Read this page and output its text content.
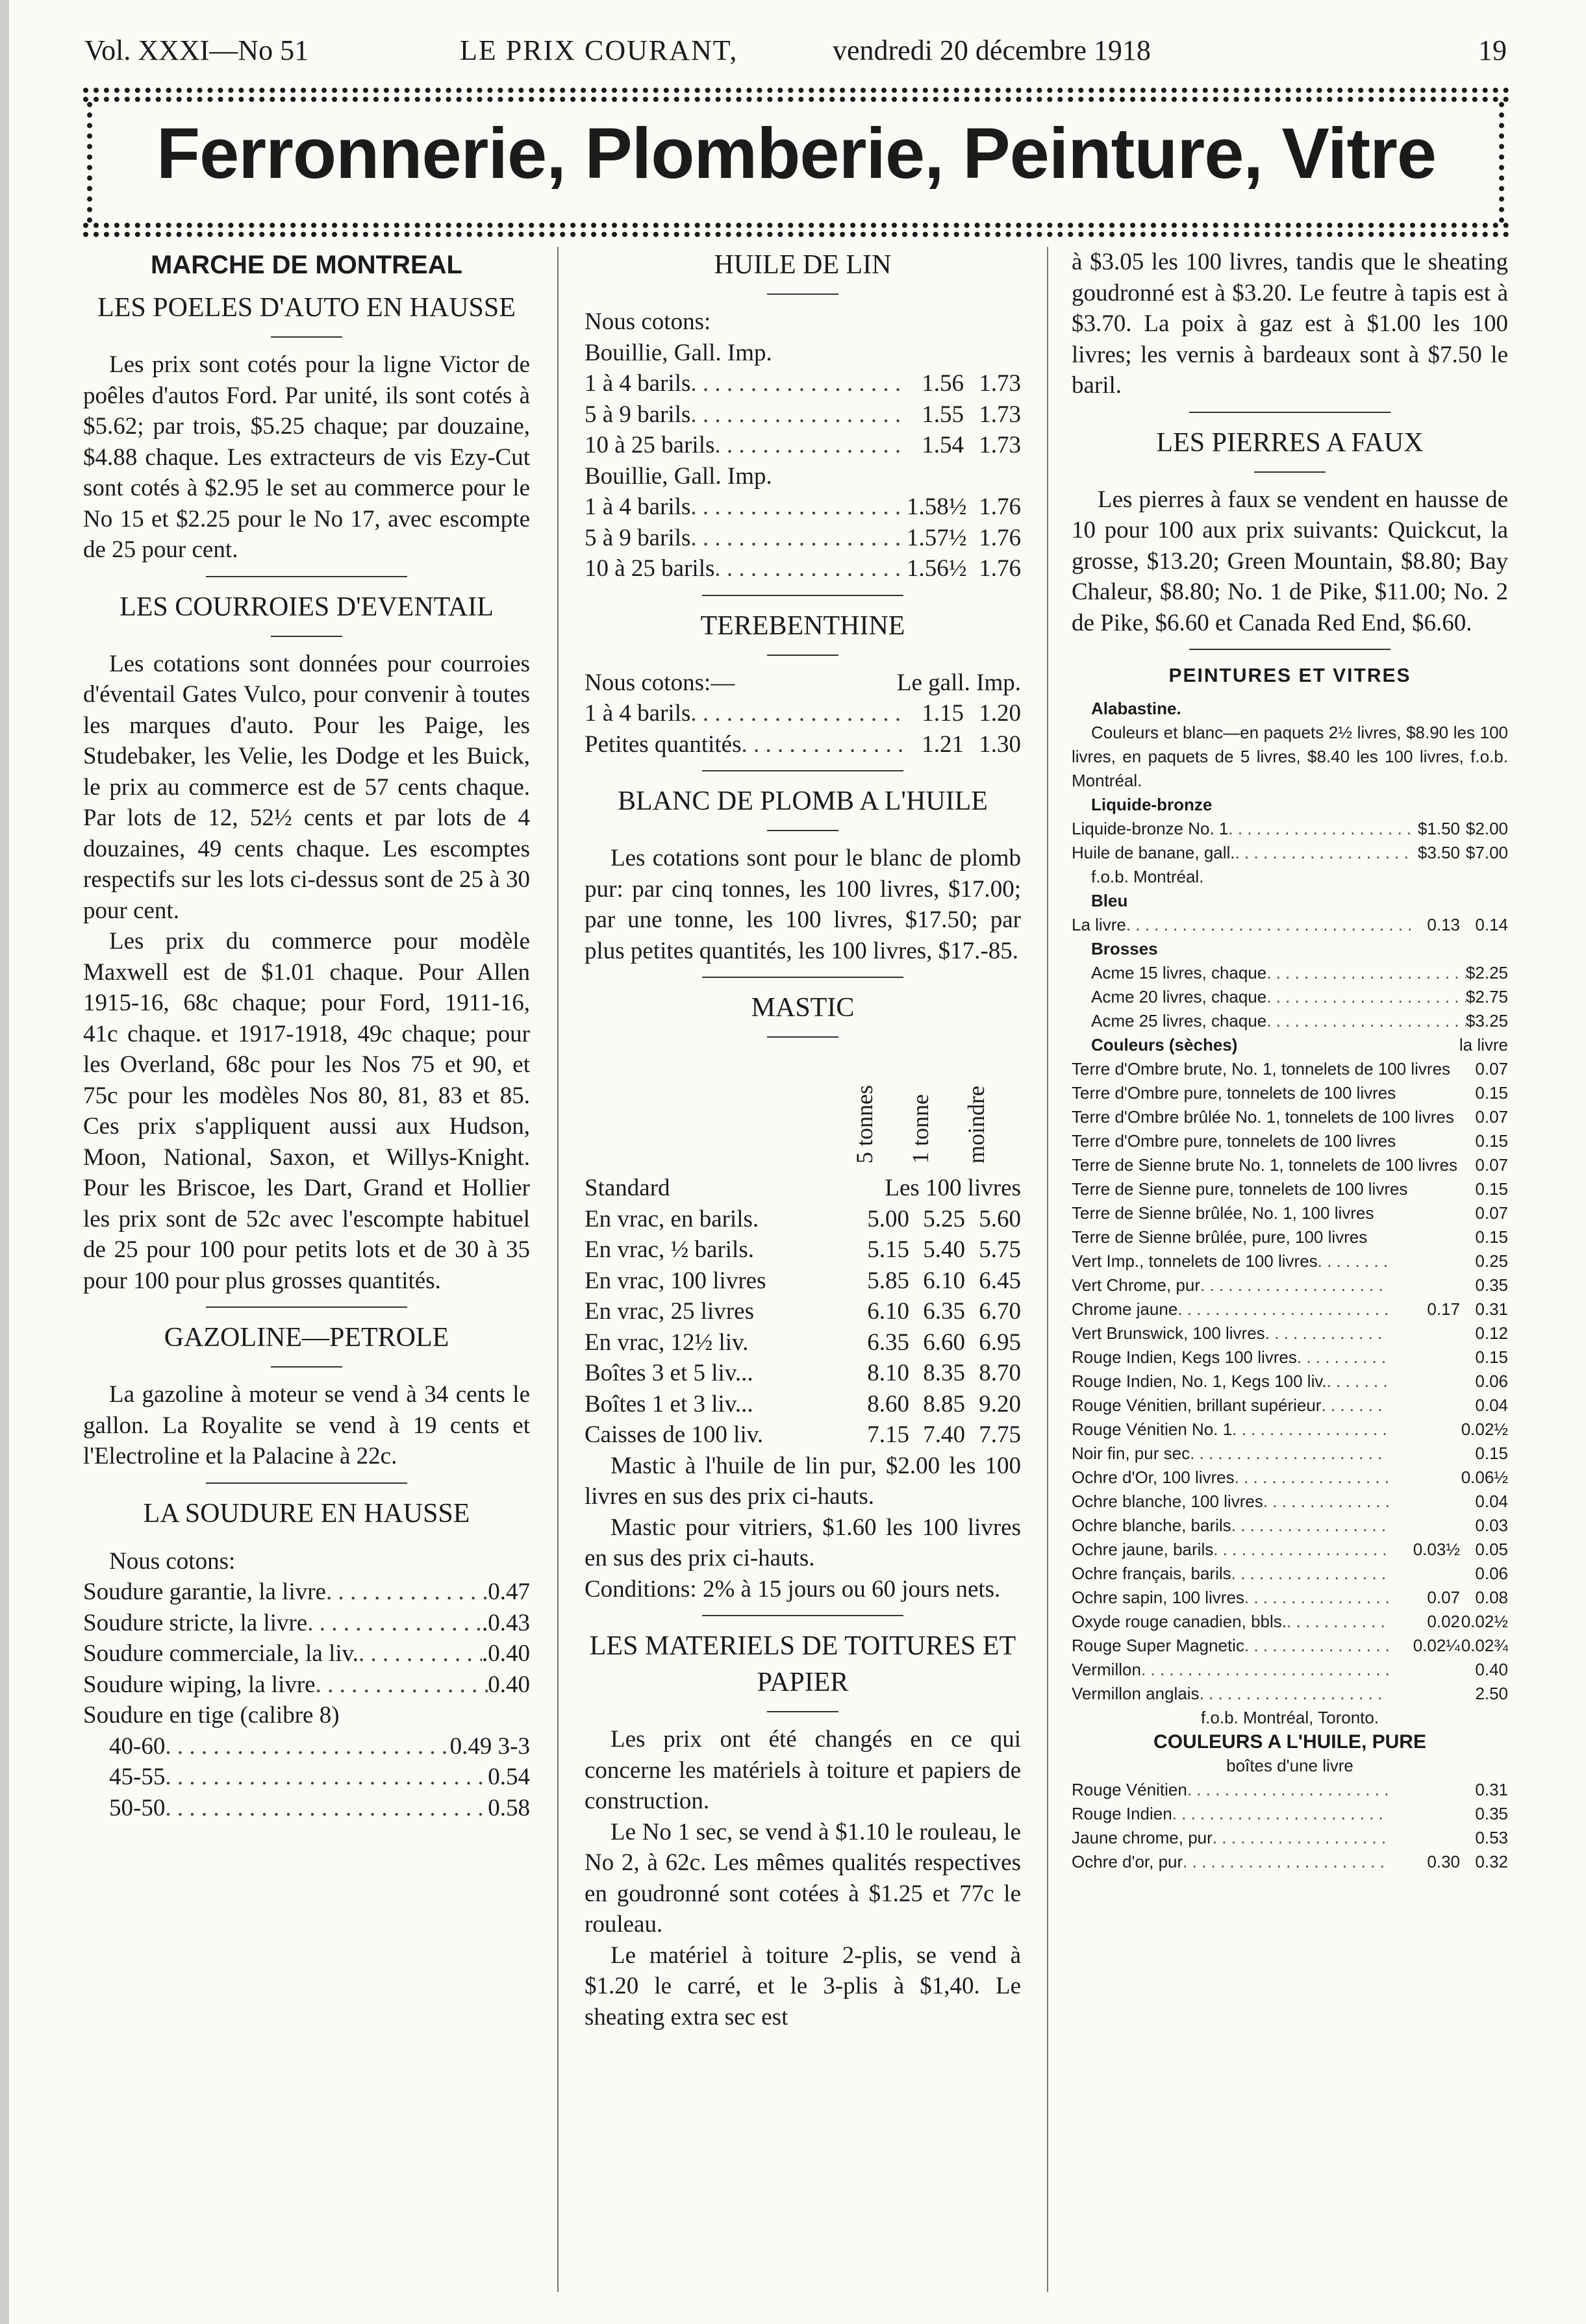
Vol. XXXI—No 51	LE PRIX COURANT,	vendredi 20 décembre 1918	19
Ferronnerie, Plomberie, Peinture, Vitre

MARCHE DE MONTREAL

LES POELES D'AUTO EN HAUSSE

Les prix sont cotés pour la ligne Victor de poêles d'autos Ford. Par unité, ils sont cotés à $5.62; par trois, $5.25 chaque; par douzaine, $4.88 chaque. Les extracteurs de vis Ezy-Cut sont cotés à $2.95 le set au commerce pour le No 15 et $2.25 pour le No 17, avec escompte de 25 pour cent.

LES COURROIES D'EVENTAIL

Les cotations sont données pour courroies d'éventail Gates Vulco, pour convenir à toutes les marques d'auto. Pour les Paige, les Studebaker, les Velie, les Dodge et les Buick, le prix au commerce est de 57 cents chaque. Par lots de 12, 52½ cents et par lots de 4 douzaines, 49 cents chaque. Les escomptes respectifs sur les lots ci-dessus sont de 25 à 30 pour cent.

Les prix du commerce pour modèle Maxwell est de $1.01 chaque. Pour Allen 1915-16, 68c chaque; pour Ford, 1911-16, 41c chaque. et 1917-1918, 49c chaque; pour les Overland, 68c pour les Nos 75 et 90, et 75c pour les modèles Nos 80, 81, 83 et 85. Ces prix s'appliquent aussi aux Hudson, Moon, National, Saxon, et Willys-Knight. Pour les Briscoe, les Dart, Grand et Hollier les prix sont de 52c avec l'escompte habituel de 25 pour 100 pour petits lots et de 30 à 35 pour 100 pour plus grosses quantités.

GAZOLINE—PETROLE

La gazoline à moteur se vend à 34 cents le gallon. La Royalite se vend à 19 cents et l'Electroline et la Palacine à 22c.

LA SOUDURE EN HAUSSE

Nous cotons:

Soudure garantie, la livre . . .	0.47
Soudure stricte, la livre . . .	.0.43
Soudure commerciale, la liv. . . .	.0.40
Soudure wiping, la livre . . .	0.40

Soudure en tige (calibre 8)

40-60 . . .	0.49 3-3
45-55 . . .	0.54
50-50 . . .	0.58

HUILE DE LIN

Nous cotons:

Bouillie, Gall. Imp.

1 à 4 barils . . .	1.56 1.73
5 à 9 barils . . .	1.55 1.73
10 à 25 barils . . .	1.54 1.73

Bouillie, Gall. Imp.

1 à 4 barils . . .	1.58½ 1.76
5 à 9 barils . . .	1.57½ 1.76
10 à 25 barils . . .	1.56½ 1.76

TEREBENTHINE

Nous cotons:—	Le gall. Imp.
1 à 4 barils . . .	1.15 1.20
Petites quantités . . .	1.21 1.30

BLANC DE PLOMB A L'HUILE

Les cotations sont pour le blanc de plomb pur: par cinq tonnes, les 100 livres, $17.00; par une tonne, les 100 livres, $17.50; par plus petites quantités, les 100 livres, $17.-85.

MASTIC

5 tonnes 1 tonne moindre
Standard	Les 100 livres
En vrac, en barils.	5.00 5.25 5.60
En vrac, ½ barils.	5.15 5.40 5.75
En vrac, 100 livres	5.85 6.10 6.45
En vrac, 25 livres	6.10 6.35 6.70
En vrac, 12½ liv.	6.35 6.60 6.95
Boîtes 3 et 5 liv...	8.10 8.35 8.70
Boîtes 1 et 3 liv...	8.60 8.85 9.20
Caisses de 100 liv.	7.15 7.40 7.75

Mastic à l'huile de lin pur, $2.00 les 100 livres en sus des prix ci-hauts.

Mastic pour vitriers, $1.60 les 100 livres en sus des prix ci-hauts.

Conditions: 2% à 15 jours ou 60 jours nets.

LES MATERIELS DE TOITURES ET PAPIER

Les prix ont été changés en ce qui concerne les matériels à toiture et papiers de construction.

Le No 1 sec, se vend à $1.10 le rouleau, le No 2, à 62c. Les mêmes qualités respectives en goudronné sont cotées à $1.25 et 77c le rouleau.

Le matériel à toiture 2-plis, se vend à $1.20 le carré, et le 3-plis à $1,40. Le sheating extra sec est

à $3.05 les 100 livres, tandis que le sheating goudronné est à $3.20. Le feutre à tapis est à $3.70. La poix à gaz est à $1.00 les 100 livres; les vernis à bardeaux sont à $7.50 le baril.

LES PIERRES A FAUX

Les pierres à faux se vendent en hausse de 10 pour 100 aux prix suivants: Quickcut, la grosse, $13.20; Green Mountain, $8.80; Bay Chaleur, $8.80; No. 1 de Pike, $11.00; No. 2 de Pike, $6.60 et Canada Red End, $6.60.

PEINTURES ET VITRES

Alabastine.

Couleurs et blanc—en paquets 2½ livres, $8.90 les 100 livres, en paquets de 5 livres, $8.40 les 100 livres, f.o.b. Montréal.

Liquide-bronze
Liquide-bronze No. 1 . . .	$1.50 $2.00
Huile de banane, gall. . . .	$3.50 $7.00
f.o.b. Montréal.
Bleu
La livre . . .	0.13 0.14
Brosses
Acme 15 livres, chaque . . .	$2.25
Acme 20 livres, chaque . . .	$2.75
Acme 25 livres, chaque . . .	$3.25
Couleurs (sèches)	la livre
Terre d'Ombre brute, No. 1, tonnelets de 100 livres	0.07
Terre d'Ombre pure, tonnelets de 100 livres	0.15
Terre d'Ombre brûlée No. 1, tonnelets de 100 livres	0.07
Terre d'Ombre pure, tonnelets de 100 livres	0.15
Terre de Sienne brute No. 1, tonnelets de 100 livres	0.07
Terre de Sienne pure, tonnelets de 100 livres	0.15
Terre de Sienne brûlée, No. 1, 100 livres	0.07
Terre de Sienne brûlée, pure, 100 livres	0.15
Vert Imp., tonnelets de 100 livres . . .	0.25
Vert Chrome, pur . . .	0.35
Chrome jaune . . .	0.17 0.31
Vert Brunswick, 100 livres . . .	0.12
Rouge Indien, Kegs 100 livres . . .	0.15
Rouge Indien, No. 1, Kegs 100 liv. . . .	0.06
Rouge Vénitien, brillant supérieur . . .	0.04
Rouge Vénitien No. 1 . . .	0.02½
Noir fin, pur sec . . .	0.15
Ochre d'Or, 100 livres . . .	0.06½
Ochre blanche, 100 livres . . .	0.04
Ochre blanche, barils . . .	0.03
Ochre jaune, barils . . .	0.03½ 0.05
Ochre français, barils . . .	0.06
Ochre sapin, 100 livres . . .	0.07 0.08
Oxyde rouge canadien, bbls. . . .	0.02 0.02½
Rouge Super Magnetic . . .	0.02¼ 0.02¾
Vermillon . . .	0.40
Vermillon anglais . . .	2.50
f.o.b. Montréal, Toronto.
COULEURS A L'HUILE, PURE
boîtes d'une livre
Rouge Vénitien . . .	0.31
Rouge Indien . . .	0.35
Jaune chrome, pur . . .	0.53
Ochre d'or, pur . . .	0.30 0.32
